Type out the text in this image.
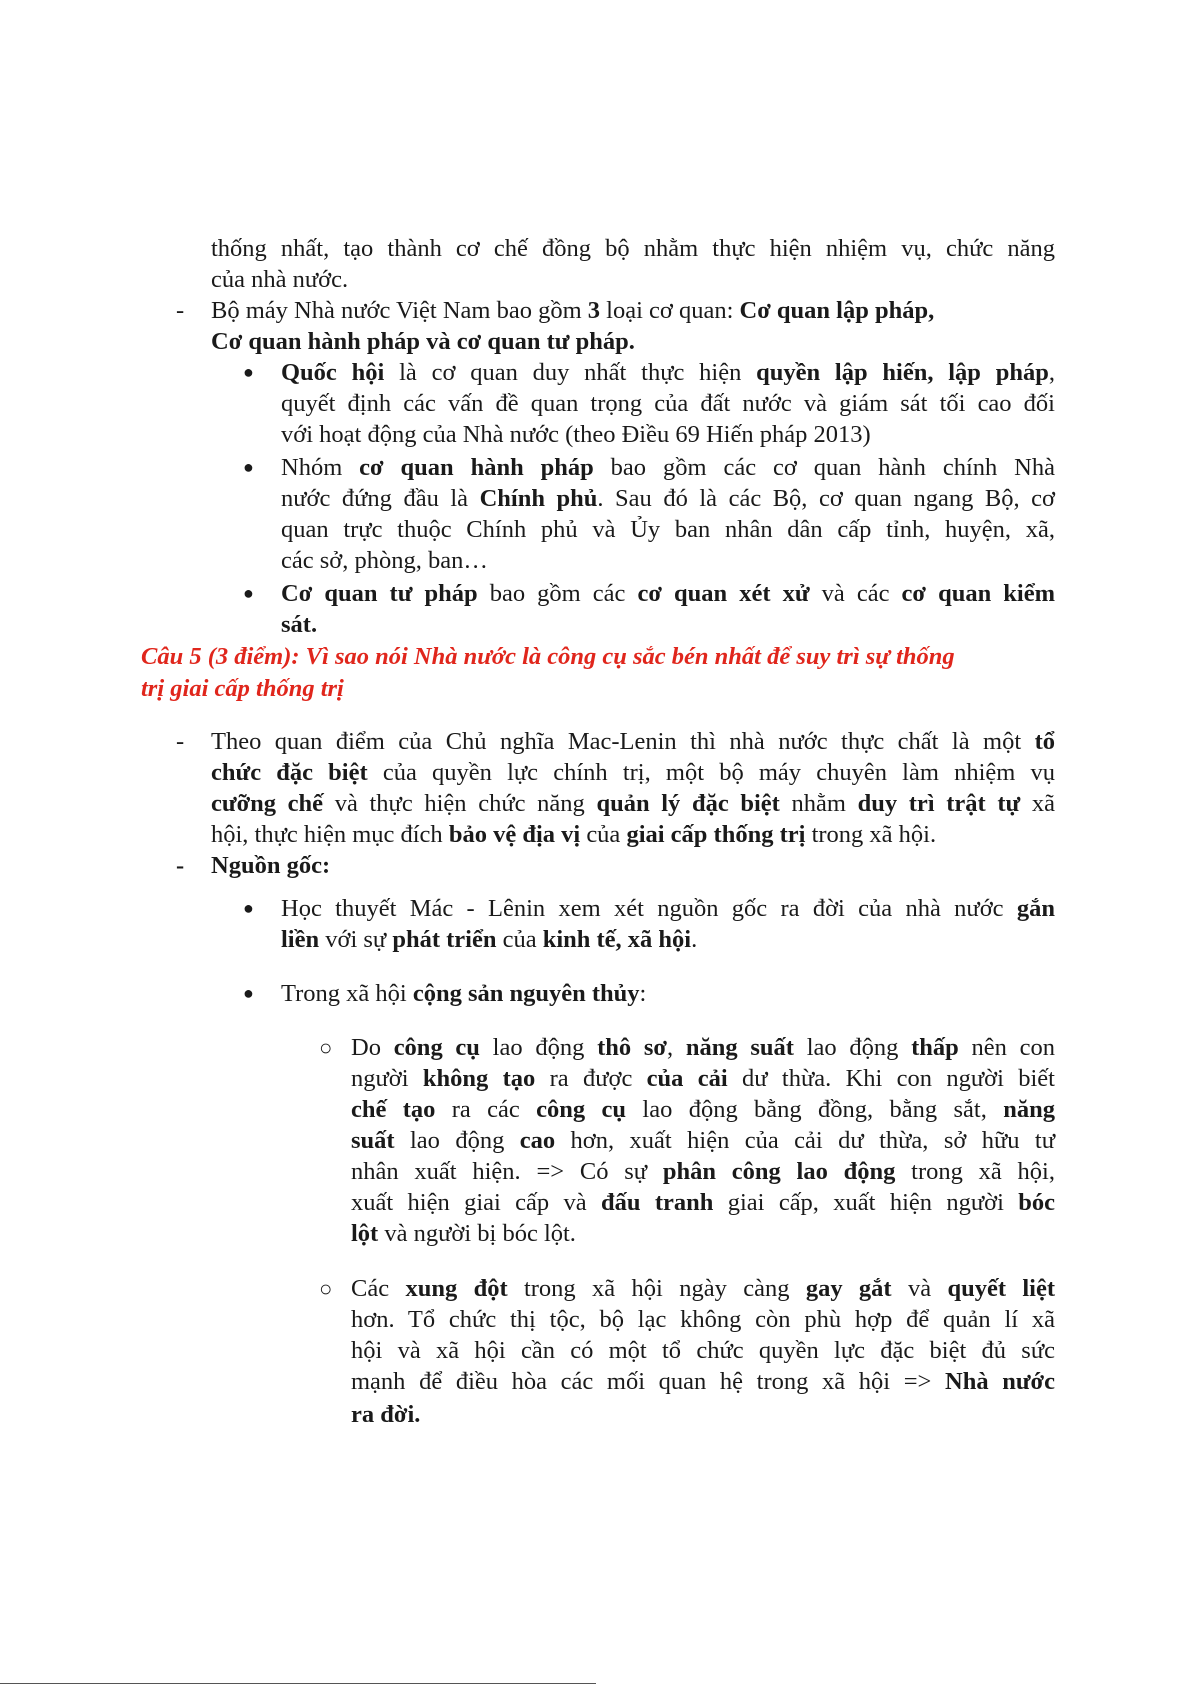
thống nhất, tạo thành cơ chế đồng bộ nhằm thực hiện nhiệm vụ, chức năng
của nhà nước.
- Bộ máy Nhà nước Việt Nam bao gồm 3 loại cơ quan: Cơ quan lập pháp,
Cơ quan hành pháp và cơ quan tư pháp.
● Quốc hội là cơ quan duy nhất thực hiện quyền lập hiến, lập pháp,
quyết định các vấn đề quan trọng của đất nước và giám sát tối cao đối
với hoạt động của Nhà nước (theo Điều 69 Hiến pháp 2013)
● Nhóm cơ quan hành pháp bao gồm các cơ quan hành chính Nhà
nước đứng đầu là Chính phủ. Sau đó là các Bộ, cơ quan ngang Bộ, cơ
quan trực thuộc Chính phủ và Ủy ban nhân dân cấp tỉnh, huyện, xã,
các sở, phòng, ban…
● Cơ quan tư pháp bao gồm các cơ quan xét xử và các cơ quan kiểm
sát.
Câu 5 (3 điểm): Vì sao nói Nhà nước là công cụ sắc bén nhất để suy trì sự thống
trị giai cấp thống trị
- Theo quan điểm của Chủ nghĩa Mac-Lenin thì nhà nước thực chất là một tổ
chức đặc biệt của quyền lực chính trị, một bộ máy chuyên làm nhiệm vụ
cưỡng chế và thực hiện chức năng quản lý đặc biệt nhằm duy trì trật tự xã
hội, thực hiện mục đích bảo vệ địa vị của giai cấp thống trị trong xã hội.
- Nguồn gốc:
● Học thuyết Mác - Lênin xem xét nguồn gốc ra đời của nhà nước gắn
liền với sự phát triển của kinh tế, xã hội.
● Trong xã hội cộng sản nguyên thủy:
○ Do công cụ lao động thô sơ, năng suất lao động thấp nên con
người không tạo ra được của cải dư thừa. Khi con người biết
chế tạo ra các công cụ lao động bằng đồng, bằng sắt, năng
suất lao động cao hơn, xuất hiện của cải dư thừa, sở hữu tư
nhân xuất hiện. => Có sự phân công lao động trong xã hội,
xuất hiện giai cấp và đấu tranh giai cấp, xuất hiện người bóc
lột và người bị bóc lột.
○ Các xung đột trong xã hội ngày càng gay gắt và quyết liệt
hơn. Tổ chức thị tộc, bộ lạc không còn phù hợp để quản lí xã
hội và xã hội cần có một tổ chức quyền lực đặc biệt đủ sức
mạnh để điều hòa các mối quan hệ trong xã hội => Nhà nước
ra đời.
